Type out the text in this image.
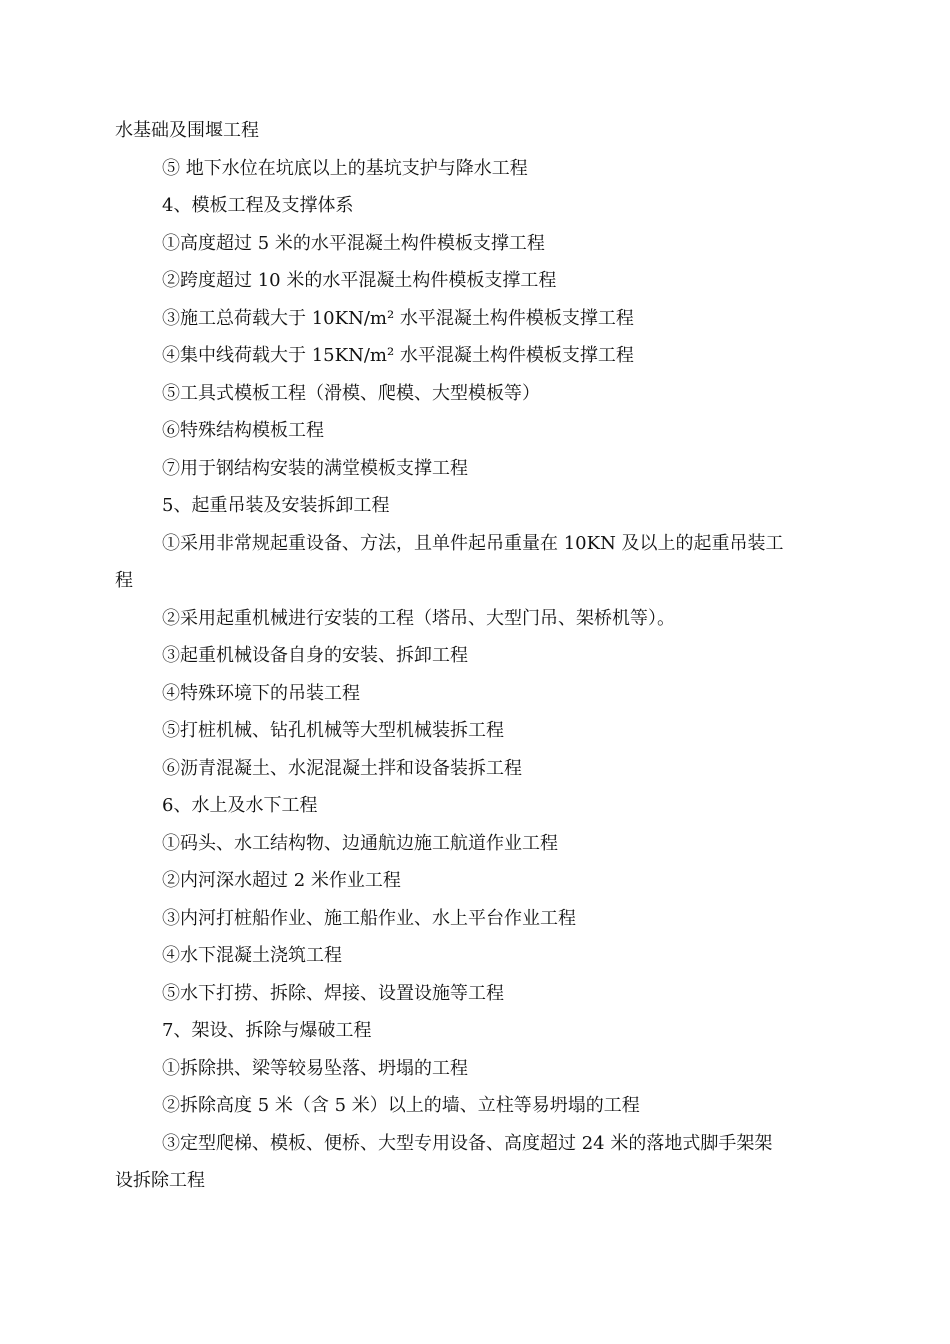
水基础及围堰工程

⑤ 地下水位在坑底以上的基坑支护与降水工程

4、模板工程及支撑体系

①高度超过 5 米的水平混凝土构件模板支撑工程

②跨度超过 10 米的水平混凝土构件模板支撑工程

③施工总荷载大于 10KN/m² 水平混凝土构件模板支撑工程

④集中线荷载大于 15KN/m² 水平混凝土构件模板支撑工程

⑤工具式模板工程（滑模、爬模、大型模板等）

⑥特殊结构模板工程

⑦用于钢结构安装的满堂模板支撑工程

5、起重吊装及安装拆卸工程

①采用非常规起重设备、方法，且单件起吊重量在 10KN 及以上的起重吊装工

程

②采用起重机械进行安装的工程（塔吊、大型门吊、架桥机等）。

③起重机械设备自身的安装、拆卸工程

④特殊环境下的吊装工程

⑤打桩机械、钻孔机械等大型机械装拆工程

⑥沥青混凝土、水泥混凝土拌和设备装拆工程

6、水上及水下工程

①码头、水工结构物、边通航边施工航道作业工程

②内河深水超过 2 米作业工程

③内河打桩船作业、施工船作业、水上平台作业工程

④水下混凝土浇筑工程

⑤水下打捞、拆除、焊接、设置设施等工程

7、架设、拆除与爆破工程

①拆除拱、梁等较易坠落、坍塌的工程

②拆除高度 5 米（含 5 米）以上的墙、立柱等易坍塌的工程

③定型爬梯、模板、便桥、大型专用设备、高度超过 24 米的落地式脚手架架

设拆除工程
